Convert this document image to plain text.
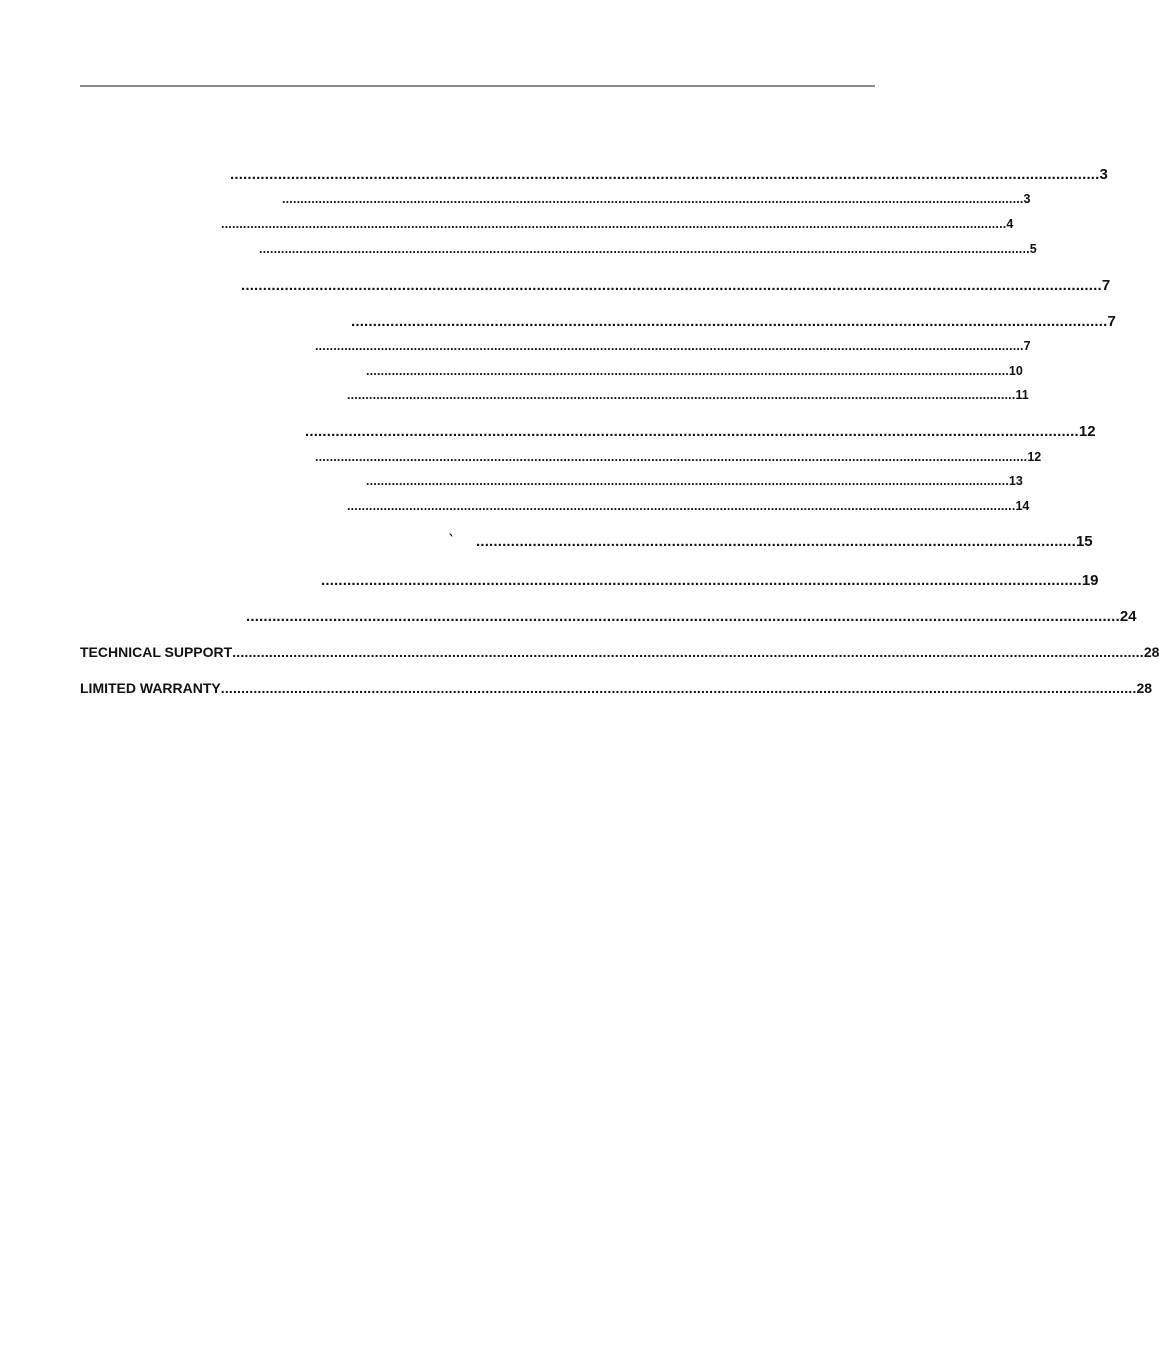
........................................................................................................................................................................................................ 3
........................................................................................................................................................................................................... 3
....................................................................................................................................................................................................................... 4
................................................................................................................................................................................................................... 5
...................................................................................................................................................................................................... 7
.............................................................................................................................................................................. 7
.................................................................................................................................................................................................. 7
................................................................................................................................................................................ 10
....................................................................................................................................................................................... 11
.................................................................................................................................................................................. 12
................................................................................................................................................................................................... 12
................................................................................................................................................................................ 13
....................................................................................................................................................................................... 14
` .......................................................................................................................................... 15
............................................................................................................................................................................... 19
......................................................................................................................................................................................................... 24
TECHNICAL SUPPORT ................................................................................................................................................................................................................................ 28
LIMITED WARRANTY ................................................................................................................................................................................................................................. 28
